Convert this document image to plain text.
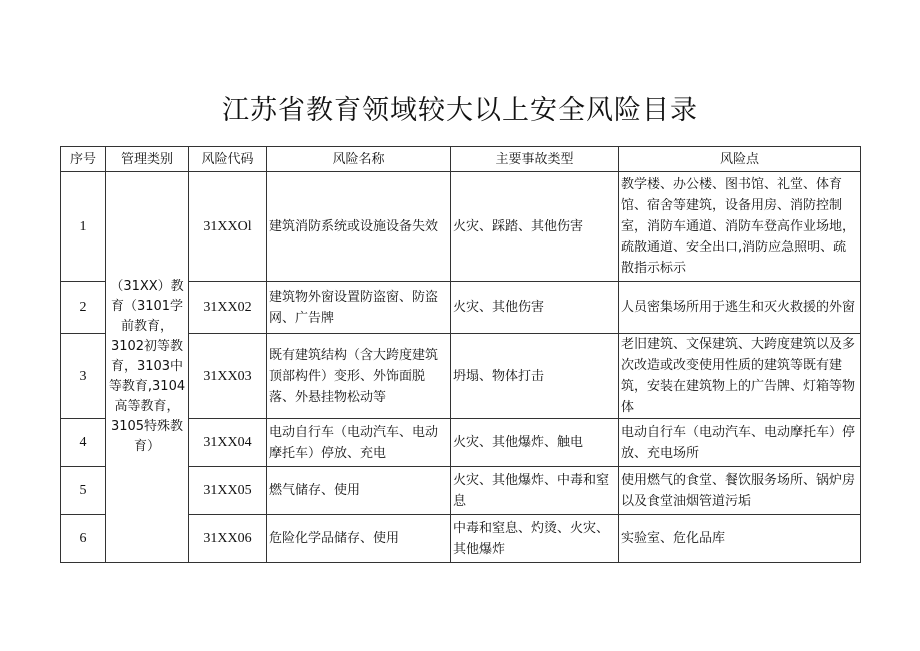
江苏省教育领域较大以上安全风险目录
序号	管理类别	风险代码	风险名称	主要事故类型	风险点
1	（31XX）教育（3101学前教育，3102初等教育，3103中等教育,3104高等教育，3105特殊教育）	31XXOl	建筑消防系统或设施设备失效	火灾、踩踏、其他伤害	教学楼、办公楼、图书馆、礼堂、体育馆、宿舍等建筑，设备用房、消防控制室，消防车通道、消防车登高作业场地，疏散通道、安全出口,消防应急照明、疏散指示标示
2		31XX02	建筑物外窗设置防盗窗、防盗网、广告牌	火灾、其他伤害	人员密集场所用于逃生和灭火救援的外窗
3		31XX03	既有建筑结构（含大跨度建筑顶部构件）变形、外饰面脱落、外悬挂物松动等	坍塌、物体打击	老旧建筑、文保建筑、大跨度建筑以及多次改造或改变使用性质的建筑等既有建筑，安装在建筑物上的广告牌、灯箱等物体
4		31XX04	电动自行车（电动汽车、电动摩托车）停放、充电	火灾、其他爆炸、触电	电动自行车（电动汽车、电动摩托车）停放、充电场所
5		31XX05	燃气储存、使用	火灾、其他爆炸、中毒和窒息	使用燃气的食堂、餐饮服务场所、锅炉房以及食堂油烟管道污垢
6		31XX06	危险化学品储存、使用	中毒和窒息、灼烫、火灾、其他爆炸	实验室、危化品库
